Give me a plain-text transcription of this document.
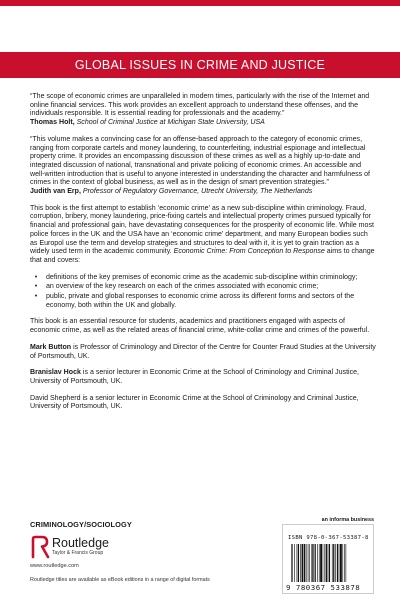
GLOBAL ISSUES IN CRIME AND JUSTICE
“The scope of economic crimes are unparalleled in modern times, particularly with the rise of the Internet and online financial services. This work provides an excellent approach to understand these offenses, and the individuals responsible. It is essential reading for professionals and the academy.”
Thomas Holt, School of Criminal Justice at Michigan State University, USA
“This volume makes a convincing case for an offense-based approach to the category of economic crimes, ranging from corporate cartels and money laundering, to counterfeiting, industrial espionage and intellectual property crime. It provides an encompassing discussion of these crimes as well as a highly up-to-date and integrated discussion of national, transnational and private policing of economic crimes. An accessible and well-written introduction that is useful to anyone interested in understanding the character and harmfulness of crimes in the context of global business, as well as in the design of smart prevention strategies.”
Judith van Erp, Professor of Regulatory Governance, Utrecht University, The Netherlands
This book is the first attempt to establish ‘economic crime’ as a new sub-discipline within criminology. Fraud, corruption, bribery, money laundering, price-fixing cartels and intellectual property crimes pursued typically for financial and professional gain, have devastating consequences for the prosperity of economic life. While most police forces in the UK and the USA have an ‘economic crime’ department, and many European bodies such as Europol use the term and develop strategies and structures to deal with it, it is yet to grain traction as a widely used term in the academic community. Economic Crime: From Conception to Response aims to change that and covers:
•	definitions of the key premises of economic crime as the academic sub-discipline within criminology;
•	an overview of the key research on each of the crimes associated with economic crime;
•	public, private and global responses to economic crime across its different forms and sectors of the economy, both within the UK and globally.
This book is an essential resource for students, academics and practitioners engaged with aspects of economic crime, as well as the related areas of financial crime, white-collar crime and crimes of the powerful.
Mark Button is Professor of Criminology and Director of the Centre for Counter Fraud Studies at the University of Portsmouth, UK.
Branislav Hock is a senior lecturer in Economic Crime at the School of Criminology and Criminal Justice, University of Portsmouth, UK.
David Shepherd is a senior lecturer in Economic Crime at the School of Criminology and Criminal Justice, University of Portsmouth, UK.
CRIMINOLOGY/SOCIOLOGY
Routledge
Taylor & Francis Group
www.routledge.com
Routledge titles are available as eBook editions in a range of digital formats
an informa business
ISBN 978-0-367-53387-8
9 780367 533878
